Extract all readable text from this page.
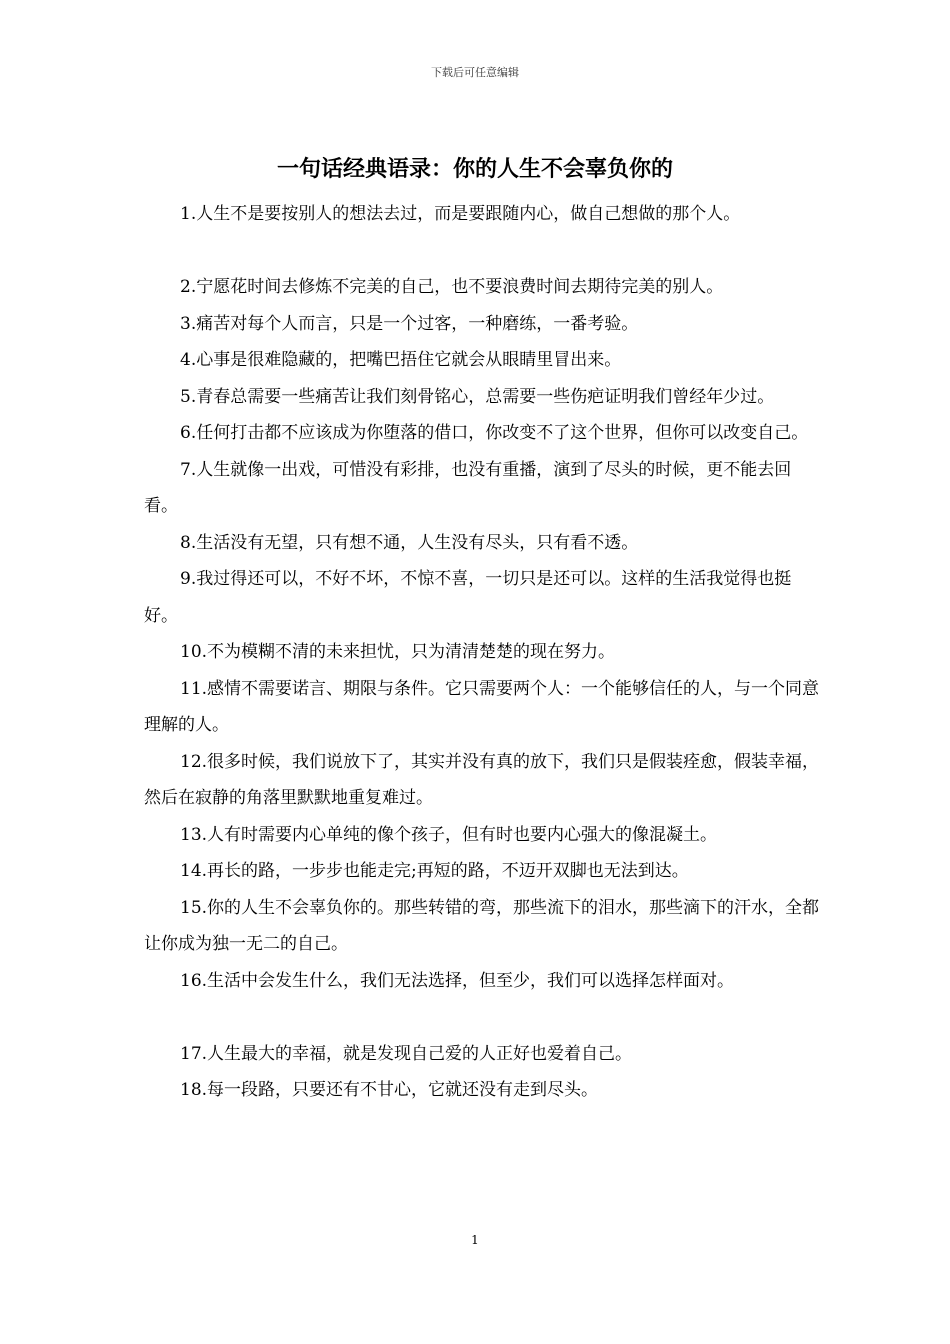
下载后可任意编辑
一句话经典语录：你的人生不会辜负你的

1.人生不是要按别人的想法去过，而是要跟随内心，做自己想做的那个人。

2.宁愿花时间去修炼不完美的自己，也不要浪费时间去期待完美的别人。

3.痛苦对每个人而言，只是一个过客，一种磨练，一番考验。

4.心事是很难隐藏的，把嘴巴捂住它就会从眼睛里冒出来。

5.青春总需要一些痛苦让我们刻骨铭心，总需要一些伤疤证明我们曾经年少过。

6.任何打击都不应该成为你堕落的借口，你改变不了这个世界，但你可以改变自己。

7.人生就像一出戏，可惜没有彩排，也没有重播，演到了尽头的时候，更不能去回看。

8.生活没有无望，只有想不通，人生没有尽头，只有看不透。

9.我过得还可以，不好不坏，不惊不喜，一切只是还可以。这样的生活我觉得也挺好。

10.不为模糊不清的未来担忧，只为清清楚楚的现在努力。

11.感情不需要诺言、期限与条件。它只需要两个人：一个能够信任的人，与一个同意理解的人。

12.很多时候，我们说放下了，其实并没有真的放下，我们只是假装痊愈，假装幸福，然后在寂静的角落里默默地重复难过。

13.人有时需要内心单纯的像个孩子，但有时也要内心强大的像混凝土。

14.再长的路，一步步也能走完;再短的路，不迈开双脚也无法到达。

15.你的人生不会辜负你的。那些转错的弯，那些流下的泪水，那些滴下的汗水，全都让你成为独一无二的自己。

16.生活中会发生什么，我们无法选择，但至少，我们可以选择怎样面对。

17.人生最大的幸福，就是发现自己爱的人正好也爱着自己。

18.每一段路，只要还有不甘心，它就还没有走到尽头。

1
